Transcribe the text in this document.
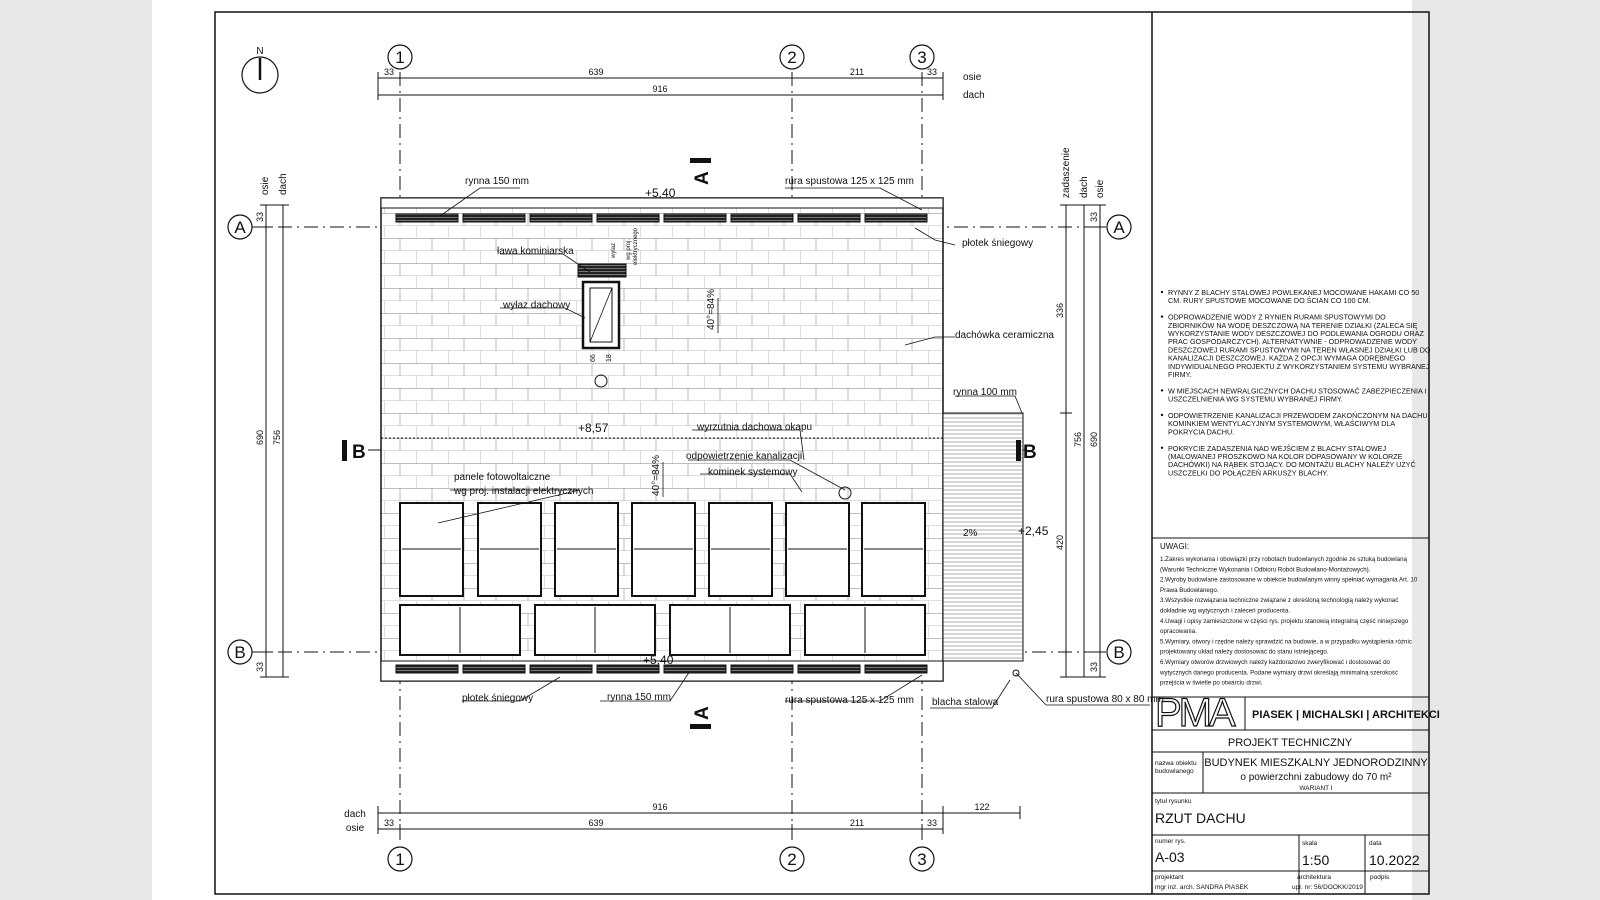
N	1	2	3
1	2	3
A	A
B	B
33	639	211	33
916
osie
dach
dach
osie
916	122
33	639	211	33
osie dach
33
690 756
33
zadaszenie dach osie
336
420
756 690
33
33
A
A
B	B
rynna 150 mm	rura spustowa 125 x 125 mm
+5,40
płotek śniegowy
ława kominiarska
wyłaz dachowy
dachówka ceramiczna
rynna 100 mm
40°=84%
40°=84%
+8,57	wyrzutnia dachowa okapu
odpowietrzenie kanalizacji
kominek systemowy
panele fotowoltaiczne
wg proj. instalacji elektrycznych
2%	+2,45
+5,40
płotek śniegowy	rynna 150 mm	rura spustowa 125 x 125 mm blacha stalowa	rura spustowa 80 x 80 mm
wylaz wg proj. elektrycznego
66 18
RYNNY Z BLACHY STALOWEJ POWLEKANEJ MOCOWANE HAKAMI CO 50
CM. RURY SPUSTOWE MOCOWANE DO ŚCIAN CO 100 CM.
ODPROWADZENIE WODY Z RYNIEN RURAMI SPUSTOWYMI DO
ZBIORNIKÓW NA WODĘ DESZCZOWĄ NA TERENIE DZIAŁKI (ZALECA SIĘ
WYKORZYSTANIE WODY DESZCZOWEJ DO PODLEWANIA OGRODU ORAZ
PRAC GOSPODARCZYCH). ALTERNATYWNIE - ODPROWADZENIE WODY
DESZCZOWEJ RURAMI SPUSTOWYMI NA TEREN WŁASNEJ DZIAŁKI LUB DO
KANALIZACJI DESZCZOWEJ. KAŻDA Z OPCJI WYMAGA ODRĘBNEGO
INDYWIDUALNEGO PROJEKTU Z WYKORZYSTANIEM SYSTEMU WYBRANEJ
FIRMY.
W MIEJSCACH NEWRALGICZNYCH DACHU STOSOWAĆ ZABEZPIECZENIA I
USZCZELNIENIA WG SYSTEMU WYBRANEJ FIRMY.
ODPOWIETRZENIE KANALIZACJI PRZEWODEM ZAKOŃCZONYM NA DACHU
KOMINKIEM WENTYLACYJNYM SYSTEMOWYM, WŁAŚCIWYM DLA
POKRYCIA DACHU.
POKRYCIE ZADASZENIA NAD WEJŚCIEM Z BLACHY STALOWEJ
(MALOWANEJ PROSZKOWO NA KOLOR DOPASOWANY W KOLORZE
DACHÓWKI) NA RĄBEK STOJĄCY. DO MONTAŻU BLACHY NALEŻY UŻYĆ
USZCZELKI DO POŁĄCZEŃ ARKUSZY BLACHY.
UWAGI:
1.Zakres wykonania i obowiązki przy robotach budowlanych zgodnie ze sztuką budowlaną
(Warunki Techniczne Wykonania i Odbioru Robót Budowlano-Montażowych).
2.Wyroby budowlane zastosowane w obiekcie budowlanym winny spełniać wymagania Art. 10
Prawa Budowlanego.
3.Wszystkie rozwiązania techniczne związane z określoną technologią należy wykonać
dokładnie wg wytycznych i zaleceń producenta.
4.Uwagi i opisy zamieszczone w części rys. projektu stanowią integralną część niniejszego
opracowania.
5.Wymiary, otwory i rzędne należy sprawdzić na budowie, a w przypadku wystąpienia różnic
projektowany układ należy dostosować do stanu istniejącego.
6.Wymiary otworów drzwiowych należy każdorazowo zweryfikować i dostosować do
wytycznych danego producenta. Podane wymiary drzwi określają minimalną szerokość
przejścia w świetle po otwarciu drzwi.
PMA	PIASEK | MICHALSKI | ARCHITEKCI
PROJEKT TECHNICZNY
nazwa obiektu
budowlanego
BUDYNEK MIESZKALNY JEDNORODZINNY
o powierzchni zabudowy do 70 m²
WARIANT I
tytuł rysunku
RZUT DACHU
numer rys.
A-03
skala
1:50
data
10.2022
projektant
mgr inż. arch. SANDRA PIASEK
architektura
upr. nr: 56/DOOKK/2019
podpis
